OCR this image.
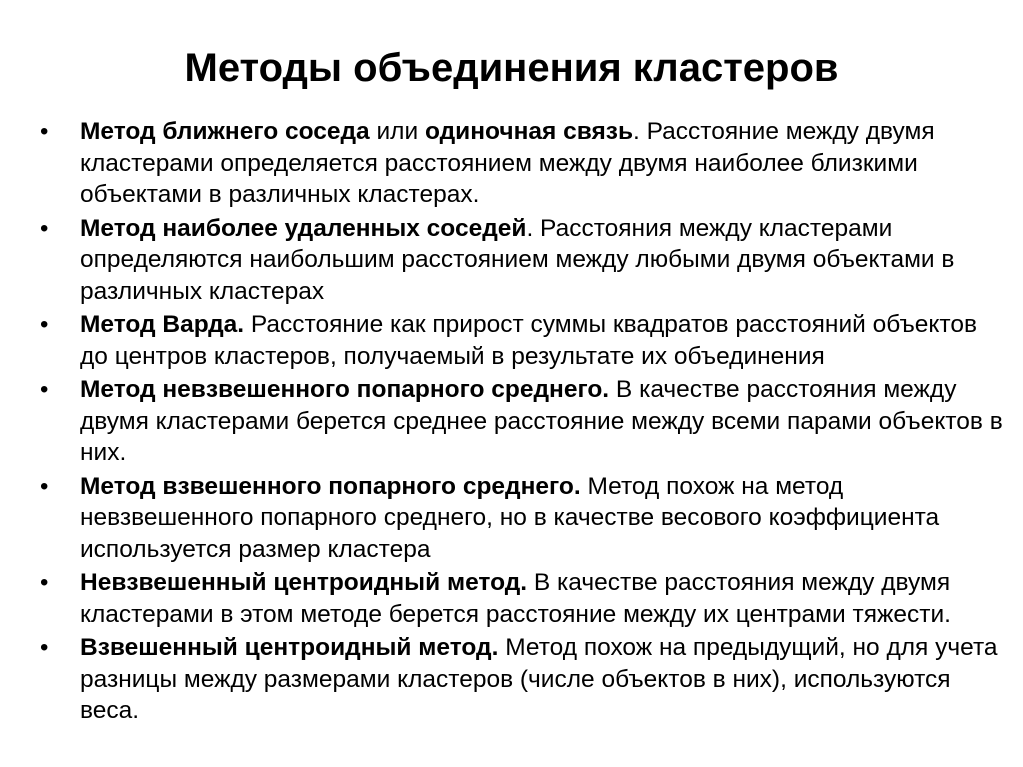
Методы объединения кластеров
• Метод ближнего соседа или одиночная связь. Расстояние между двумя кластерами определяется расстоянием между двумя наиболее близкими объектами в различных кластерах.
• Метод наиболее удаленных соседей. Расстояния между кластерами определяются наибольшим расстоянием между любыми двумя объектами в различных кластерах
• Метод Варда. Расстояние как прирост суммы квадратов расстояний объектов до центров кластеров, получаемый в результате их объединения
• Метод невзвешенного попарного среднего. В качестве расстояния между двумя кластерами берется среднее расстояние между всеми парами объектов в них.
• Метод взвешенного попарного среднего. Метод похож на метод невзвешенного попарного среднего, но в качестве весового коэффициента используется размер кластера
• Невзвешенный центроидный метод. В качестве расстояния между двумя кластерами в этом методе берется расстояние между их центрами тяжести.
• Взвешенный центроидный метод. Метод похож на предыдущий, но для учета разницы между размерами кластеров (числе объектов в них), используются веса.
